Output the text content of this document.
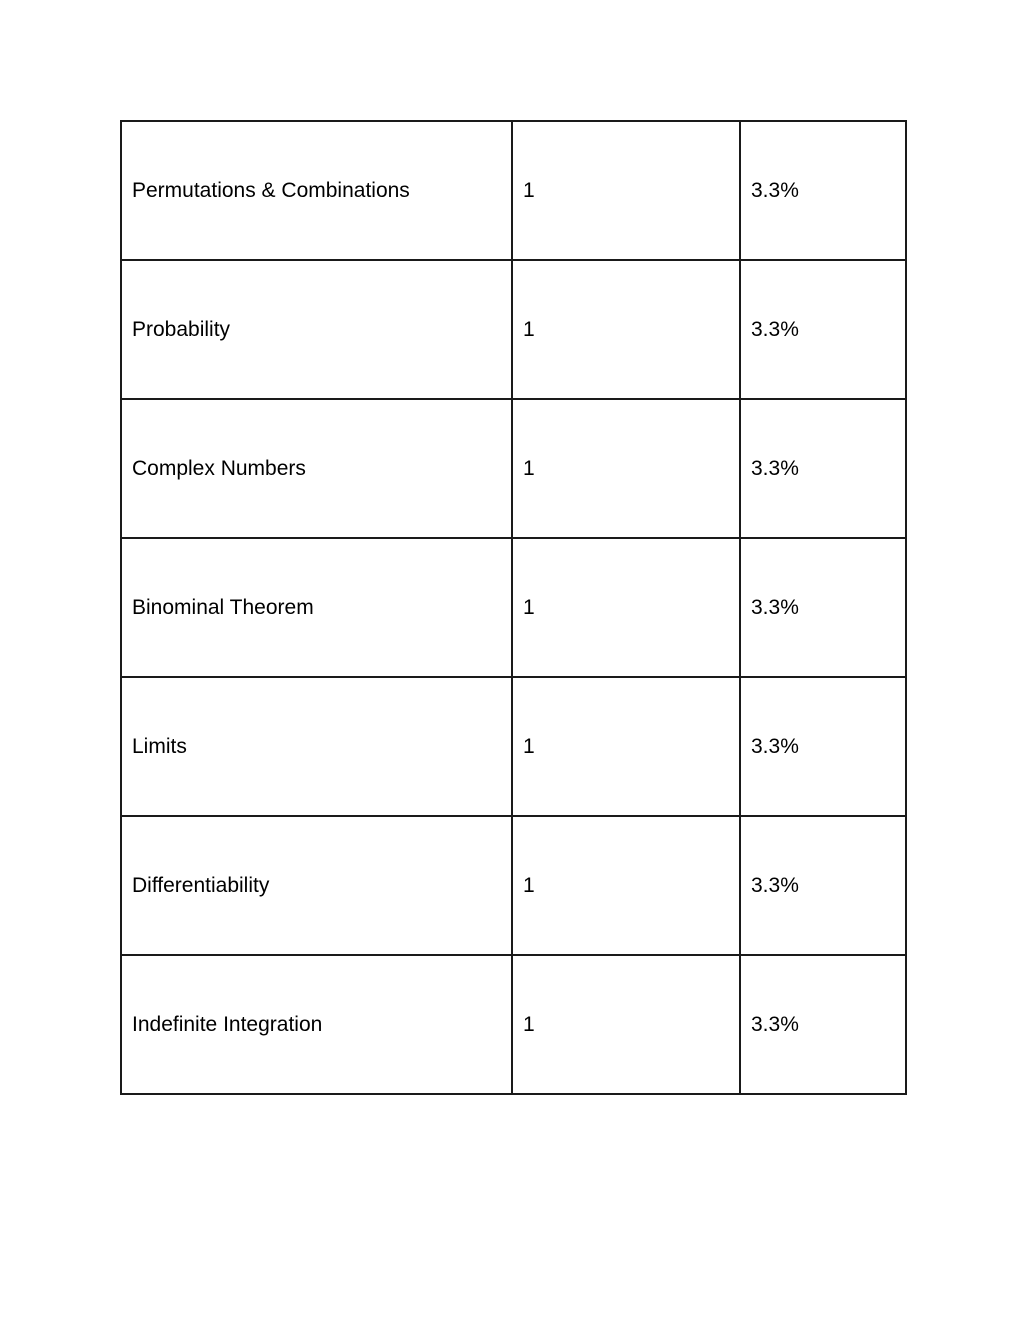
Permutations & Combinations	1	3.3%
Probability	1	3.3%
Complex Numbers	1	3.3%
Binominal Theorem	1	3.3%
Limits	1	3.3%
Differentiability	1	3.3%
Indefinite Integration	1	3.3%
